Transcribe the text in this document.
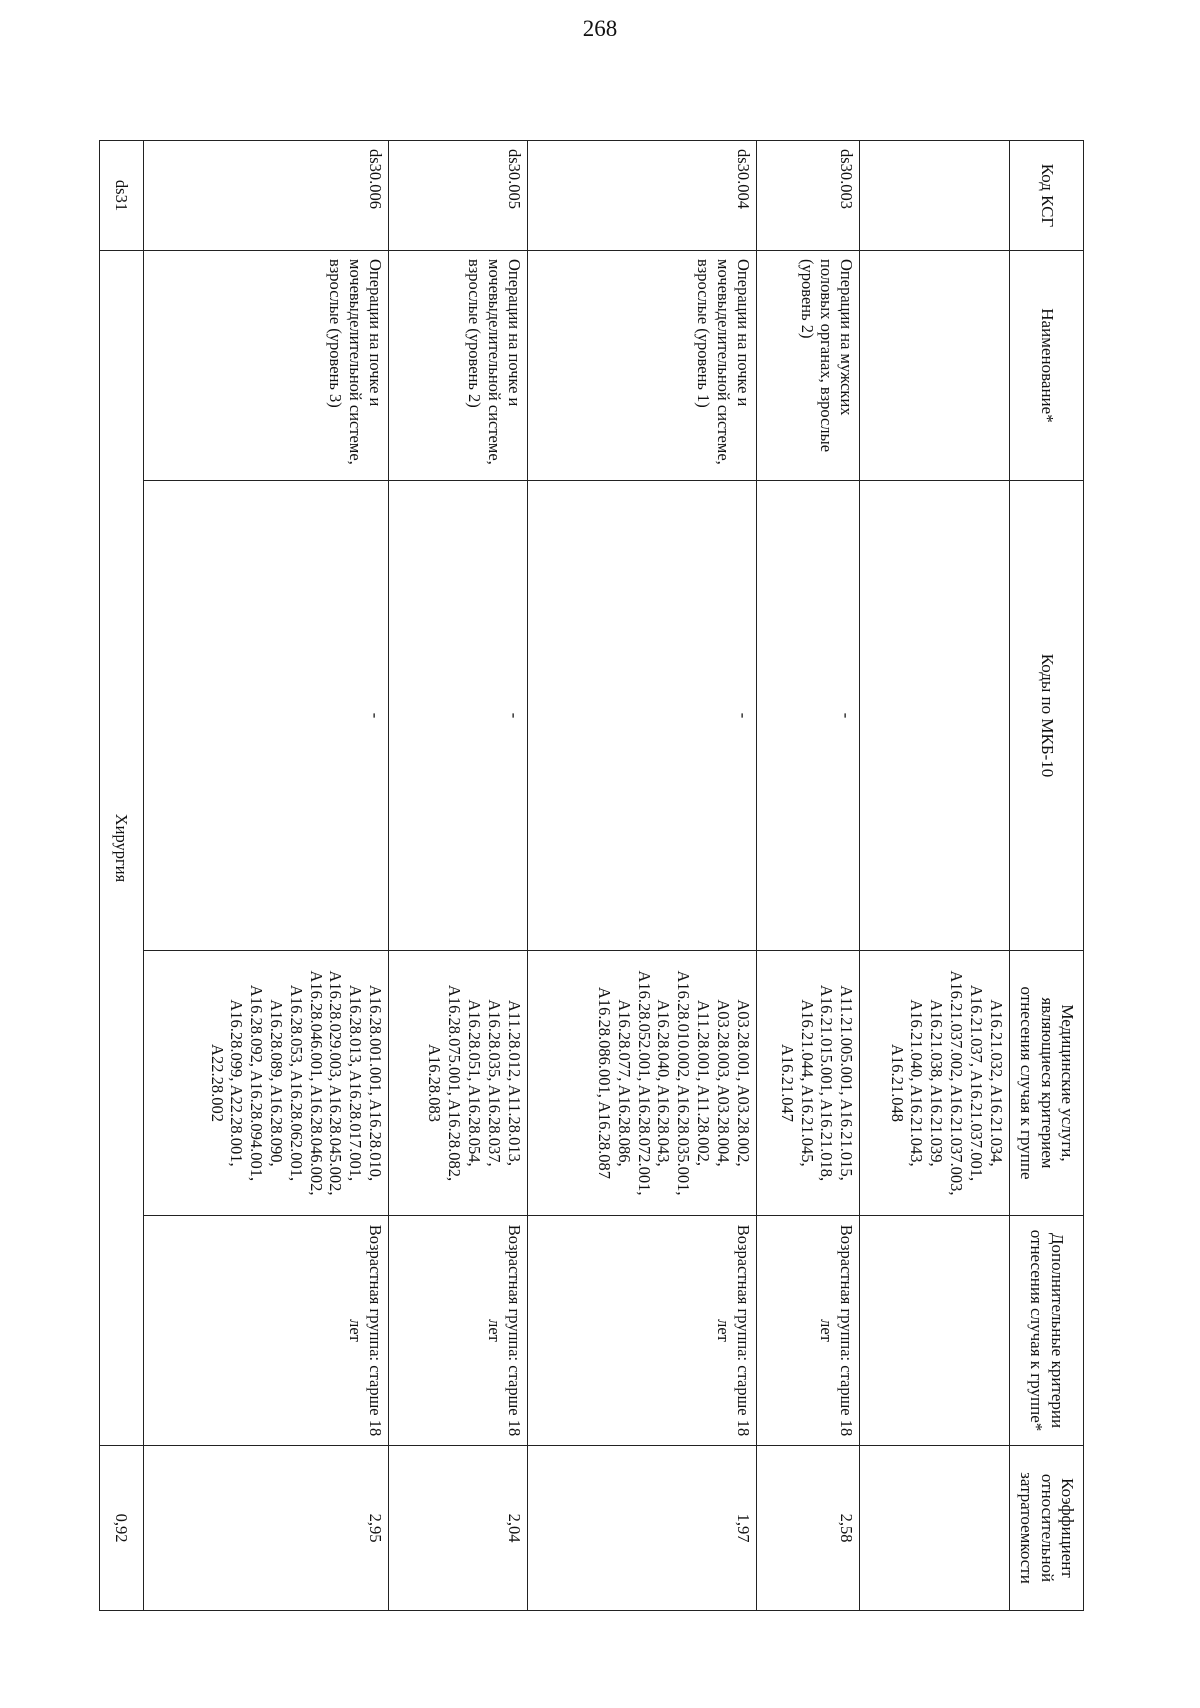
268
Код КСГ	Наименование*	Коды по МКБ-10	Медицинские услуги, являющиеся критерием отнесения случая к группе	Дополнительные критерии отнесения случая к группе*	Коэффициент относительной затратоемкости
			A16.21.032, A16.21.034, A16.21.037, A16.21.037.001, A16.21.037.002, A16.21.037.003, A16.21.038, A16.21.039, A16.21.040, A16.21.043, A16.21.048		
ds30.003	Операции на мужских половых органах, взрослые (уровень 2)	-	A11.21.005.001, A16.21.015, A16.21.015.001, A16.21.018, A16.21.044, A16.21.045, A16.21.047	Возрастная группа: старше 18 лет	2,58
ds30.004	Операции на почке и мочевыделительной системе, взрослые (уровень 1)	-	A03.28.001, A03.28.002, A03.28.003, A03.28.004, A11.28.001, A11.28.002, A16.28.010.002, A16.28.035.001, A16.28.040, A16.28.043, A16.28.052.001, A16.28.072.001, A16.28.077, A16.28.086, A16.28.086.001, A16.28.087	Возрастная группа: старше 18 лет	1,97
ds30.005	Операции на почке и мочевыделительной системе, взрослые (уровень 2)	-	A11.28.012, A11.28.013, A16.28.035, A16.28.037, A16.28.051, A16.28.054, A16.28.075.001, A16.28.082, A16.28.083	Возрастная группа: старше 18 лет	2,04
ds30.006	Операции на почке и мочевыделительной системе, взрослые (уровень 3)	-	A16.28.001.001, A16.28.010, A16.28.013, A16.28.017.001, A16.28.029.003, A16.28.045.002, A16.28.046.001, A16.28.046.002, A16.28.053, A16.28.062.001, A16.28.089, A16.28.090, A16.28.092, A16.28.094.001, A16.28.099, A22.28.001, A22.28.002	Возрастная группа: старше 18 лет	2,95
ds31	Хирургия				0,92
